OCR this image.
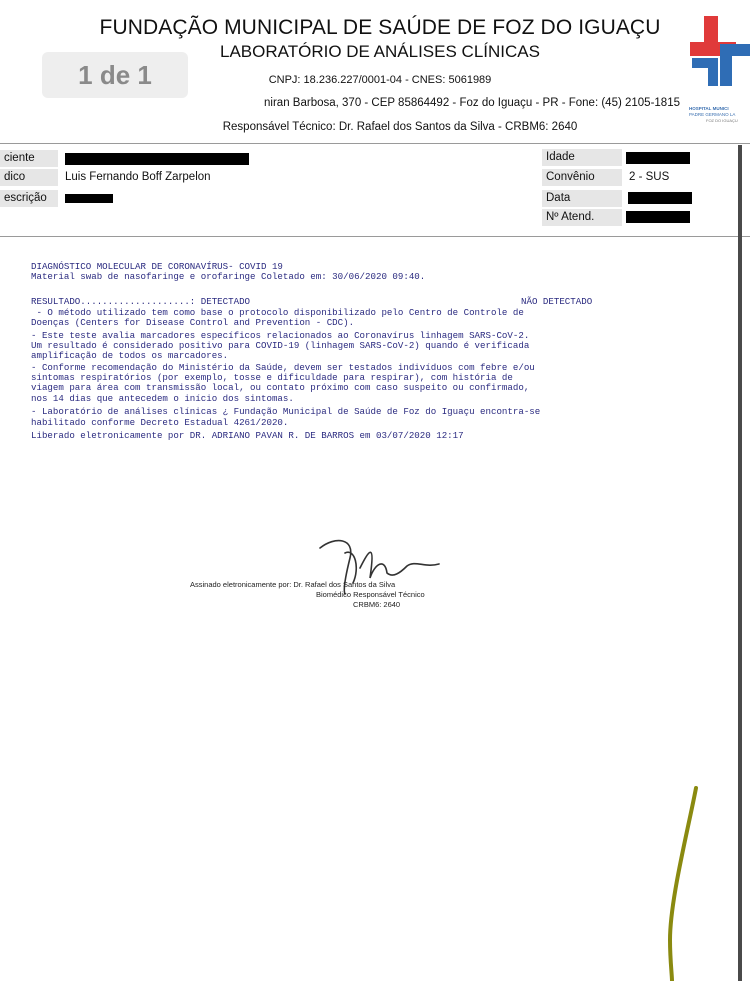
FUNDAÇÃO MUNICIPAL DE SAÚDE DE FOZ DO IGUAÇU
LABORATÓRIO DE ANÁLISES CLÍNICAS
CNPJ: 18.236.227/0001-04 - CNES: 5061989
niran Barbosa, 370 - CEP 85864492 - Foz do Iguaçu - PR - Fone: (45) 2105-1815
Responsável Técnico: Dr. Rafael dos Santos da Silva - CRBM6: 2640
1 de 1
HOSPITAL MUNICI
PADRE GERMANO LA
FOZ DO IGUAÇU
ciente
dico	Luis Fernando Boff Zarpelon
escrição
Idade
Convênio	2 - SUS
Data
Nº Atend.
DIAGNÓSTICO MOLECULAR DE CORONAVÍRUS- COVID 19
Material swab de nasofaringe e orofaringe Coletado em: 30/06/2020 09:40.
RESULTADO....................: DETECTADO	NÃO DETECTADO
- O método utilizado tem como base o protocolo disponibilizado pelo Centro de Controle de
Doenças (Centers for Disease Control and Prevention - CDC).
- Este teste avalia marcadores específicos relacionados ao Coronavírus linhagem SARS-CoV-2.
Um resultado é considerado positivo para COVID-19 (linhagem SARS-CoV-2) quando é verificada
amplificação de todos os marcadores.
- Conforme recomendação do Ministério da Saúde, devem ser testados indivíduos com febre e/ou
sintomas respiratórios (por exemplo, tosse e dificuldade para respirar), com história de
viagem para área com transmissão local, ou contato próximo com caso suspeito ou confirmado,
nos 14 dias que antecedem o início dos sintomas.
- Laboratório de análises clínicas ¿ Fundação Municipal de Saúde de Foz do Iguaçu encontra-se
habilitado conforme Decreto Estadual 4261/2020.
Liberado eletronicamente por DR. ADRIANO PAVAN R. DE BARROS em 03/07/2020 12:17
Assinado eletronicamente por: Dr. Rafael dos Santos da Silva
Biomédico Responsável Técnico
CRBM6: 2640
